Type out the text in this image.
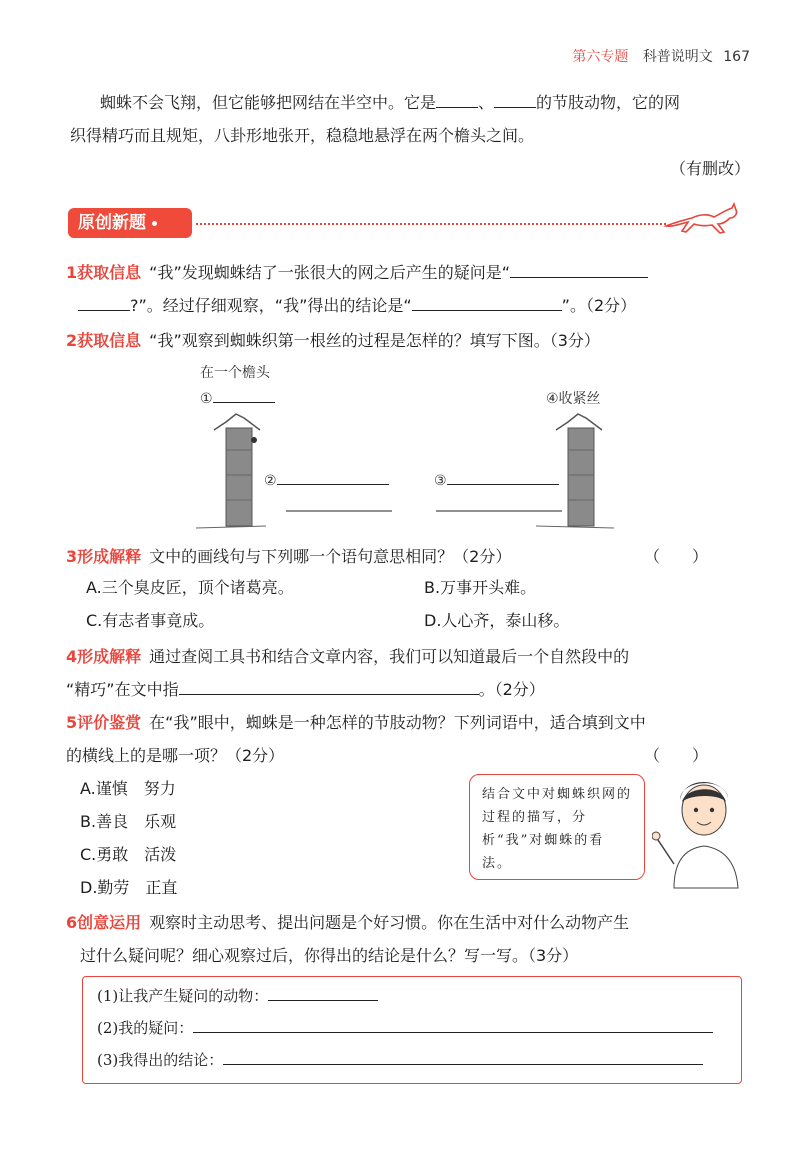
第六专题 科普说明文 167
蜘蛛不会飞翔，但它能够把网结在半空中。它是	、	的节肢动物，它的网
织得精巧而且规矩，八卦形地张开，稳稳地悬浮在两个檐头之间。
（有删改）
原创新题
1获取信息 “我”发现蜘蛛结了一张很大的网之后产生的疑问是“
?”。经过仔细观察，“我”得出的结论是“	”。（2分）
2获取信息 “我”观察到蜘蛛织第一根丝的过程是怎样的？填写下图。（3分）
在一个檐头
①	④收紧丝
②	③
3形成解释 文中的画线句与下列哪一个语句意思相同？（2分）	（　　）
A.三个臭皮匠，顶个诸葛亮。	B.万事开头难。
C.有志者事竟成。	D.人心齐，泰山移。
4形成解释 通过查阅工具书和结合文章内容，我们可以知道最后一个自然段中的
“精巧”在文中指	。（2分）
5评价鉴赏 在“我”眼中，蜘蛛是一种怎样的节肢动物？下列词语中，适合填到文中
的横线上的是哪一项？（2分）	（　　）
A.谨慎　努力
B.善良　乐观
C.勇敢　活泼
D.勤劳　正直
结合文中对蜘蛛织网的过程的描写，分析“我”对蜘蛛的看法。
6创意运用 观察时主动思考、提出问题是个好习惯。你在生活中对什么动物产生
过什么疑问呢？细心观察过后，你得出的结论是什么？写一写。（3分）
(1)让我产生疑问的动物：
(2)我的疑问：
(3)我得出的结论：
